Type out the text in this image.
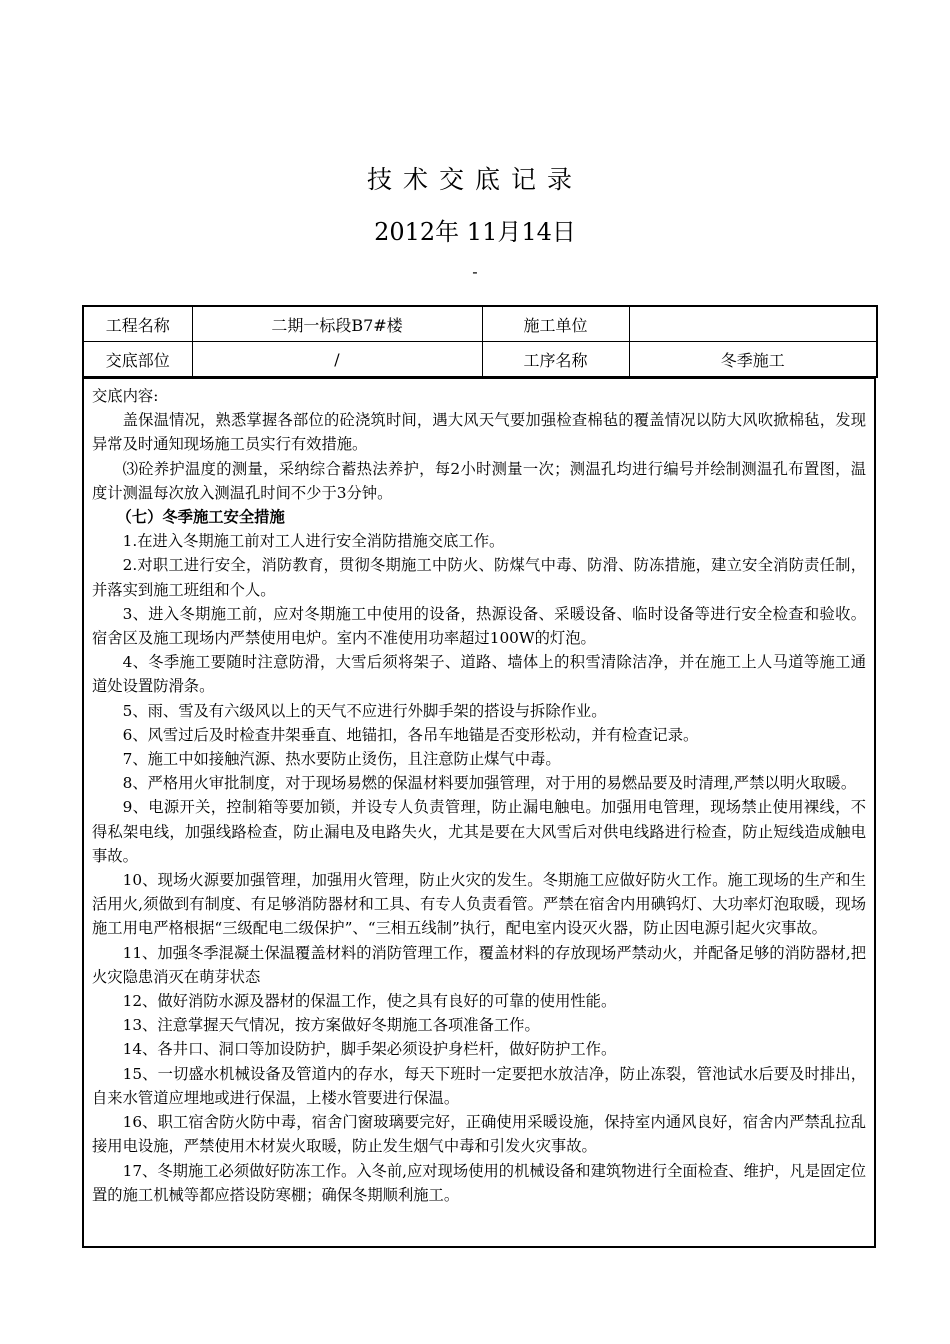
技术交底记录
2012年 11月14日
-
工程名称	二期一标段B7#楼	施工单位	
交底部位	/	工序名称	冬季施工

交底内容:

盖保温情况，熟悉掌握各部位的砼浇筑时间，遇大风天气要加强检查棉毡的覆盖情况以防大风吹掀棉毡，发现异常及时通知现场施工员实行有效措施。

⑶砼养护温度的测量，采纳综合蓄热法养护，每2小时测量一次；测温孔均进行编号并绘制测温孔布置图，温度计测温每次放入测温孔时间不少于3分钟。

（七）冬季施工安全措施

1.在进入冬期施工前对工人进行安全消防措施交底工作。

2.对职工进行安全，消防教育，贯彻冬期施工中防火、防煤气中毒、防滑、防冻措施，建立安全消防责任制，并落实到施工班组和个人。

3、进入冬期施工前，应对冬期施工中使用的设备，热源设备、采暖设备、临时设备等进行安全检查和验收。宿舍区及施工现场内严禁使用电炉。室内不准使用功率超过100W的灯泡。

4、冬季施工要随时注意防滑，大雪后须将架子、道路、墙体上的积雪清除洁净，并在施工上人马道等施工通道处设置防滑条。

5、雨、雪及有六级风以上的天气不应进行外脚手架的搭设与拆除作业。

6、风雪过后及时检查井架垂直、地锚扣，各吊车地锚是否变形松动，并有检查记录。

7、施工中如接触汽源、热水要防止烫伤，且注意防止煤气中毒。

8、严格用火审批制度，对于现场易燃的保温材料要加强管理，对于用的易燃品要及时清理,严禁以明火取暖。

9、电源开关，控制箱等要加锁，并设专人负责管理，防止漏电触电。加强用电管理，现场禁止使用裸线，不得私架电线，加强线路检查，防止漏电及电路失火，尤其是要在大风雪后对供电线路进行检查，防止短线造成触电事故。

10、现场火源要加强管理，加强用火管理，防止火灾的发生。冬期施工应做好防火工作。施工现场的生产和生活用火,须做到有制度、有足够消防器材和工具、有专人负责看管。严禁在宿舍内用碘钨灯、大功率灯泡取暖，现场施工用电严格根据“三级配电二级保护”、“三相五线制”执行，配电室内设灭火器，防止因电源引起火灾事故。

11、加强冬季混凝土保温覆盖材料的消防管理工作，覆盖材料的存放现场严禁动火，并配备足够的消防器材,把火灾隐患消灭在萌芽状态

12、做好消防水源及器材的保温工作，使之具有良好的可靠的使用性能。

13、注意掌握天气情况，按方案做好冬期施工各项准备工作。

14、各井口、洞口等加设防护，脚手架必须设护身栏杆，做好防护工作。

15、一切盛水机械设备及管道内的存水，每天下班时一定要把水放洁净，防止冻裂，管池试水后要及时排出，自来水管道应埋地或进行保温，上楼水管要进行保温。

16、职工宿舍防火防中毒，宿舍门窗玻璃要完好，正确使用采暖设施，保持室内通风良好，宿舍内严禁乱拉乱接用电设施，严禁使用木材炭火取暖，防止发生烟气中毒和引发火灾事故。

17、冬期施工必须做好防冻工作。入冬前,应对现场使用的机械设备和建筑物进行全面检查、维护，凡是固定位置的施工机械等都应搭设防寒棚；确保冬期顺利施工。
